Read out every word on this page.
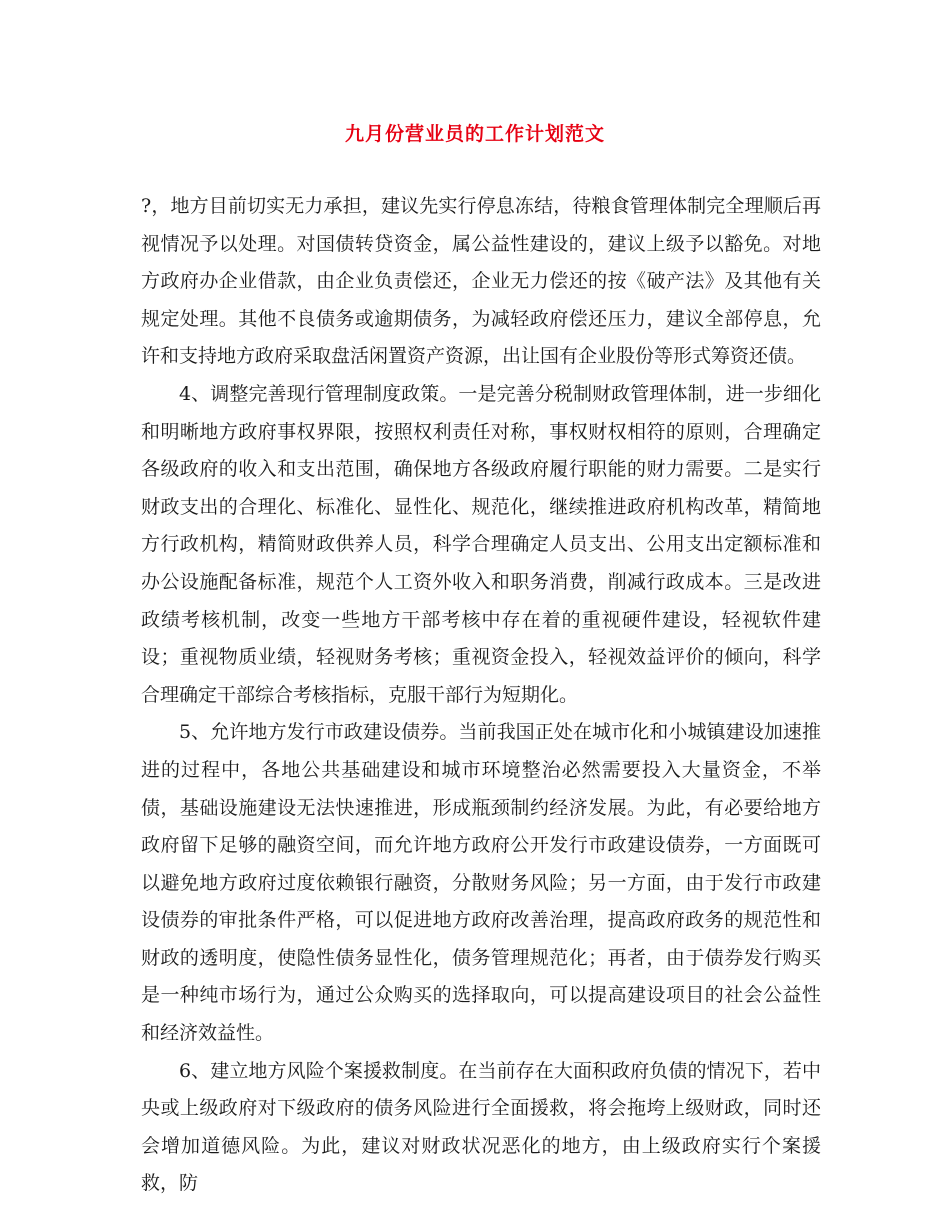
九月份营业员的工作计划范文

?，地方目前切实无力承担，建议先实行停息冻结，待粮食管理体制完全理顺后再视情况予以处理。对国债转贷资金，属公益性建设的，建议上级予以豁免。对地方政府办企业借款，由企业负责偿还，企业无力偿还的按《破产法》及其他有关规定处理。其他不良债务或逾期债务，为减轻政府偿还压力，建议全部停息，允许和支持地方政府采取盘活闲置资产资源，出让国有企业股份等形式筹资还债。

4、调整完善现行管理制度政策。一是完善分税制财政管理体制，进一步细化和明晰地方政府事权界限，按照权利责任对称，事权财权相符的原则，合理确定各级政府的收入和支出范围，确保地方各级政府履行职能的财力需要。二是实行财政支出的合理化、标准化、显性化、规范化，继续推进政府机构改革，精简地方行政机构，精简财政供养人员，科学合理确定人员支出、公用支出定额标准和办公设施配备标准，规范个人工资外收入和职务消费，削减行政成本。三是改进政绩考核机制，改变一些地方干部考核中存在着的重视硬件建设，轻视软件建设；重视物质业绩，轻视财务考核；重视资金投入，轻视效益评价的倾向，科学合理确定干部综合考核指标，克服干部行为短期化。

5、允许地方发行市政建设债券。当前我国正处在城市化和小城镇建设加速推进的过程中，各地公共基础建设和城市环境整治必然需要投入大量资金，不举债，基础设施建设无法快速推进，形成瓶颈制约经济发展。为此，有必要给地方政府留下足够的融资空间，而允许地方政府公开发行市政建设债券，一方面既可以避免地方政府过度依赖银行融资，分散财务风险；另一方面，由于发行市政建设债券的审批条件严格，可以促进地方政府改善治理，提高政府政务的规范性和财政的透明度，使隐性债务显性化，债务管理规范化；再者，由于债券发行购买是一种纯市场行为，通过公众购买的选择取向，可以提高建设项目的社会公益性和经济效益性。

6、建立地方风险个案援救制度。在当前存在大面积政府负债的情况下，若中央或上级政府对下级政府的债务风险进行全面援救，将会拖垮上级财政，同时还会增加道德风险。为此，建议对财政状况恶化的地方，由上级政府实行个案援救，防
